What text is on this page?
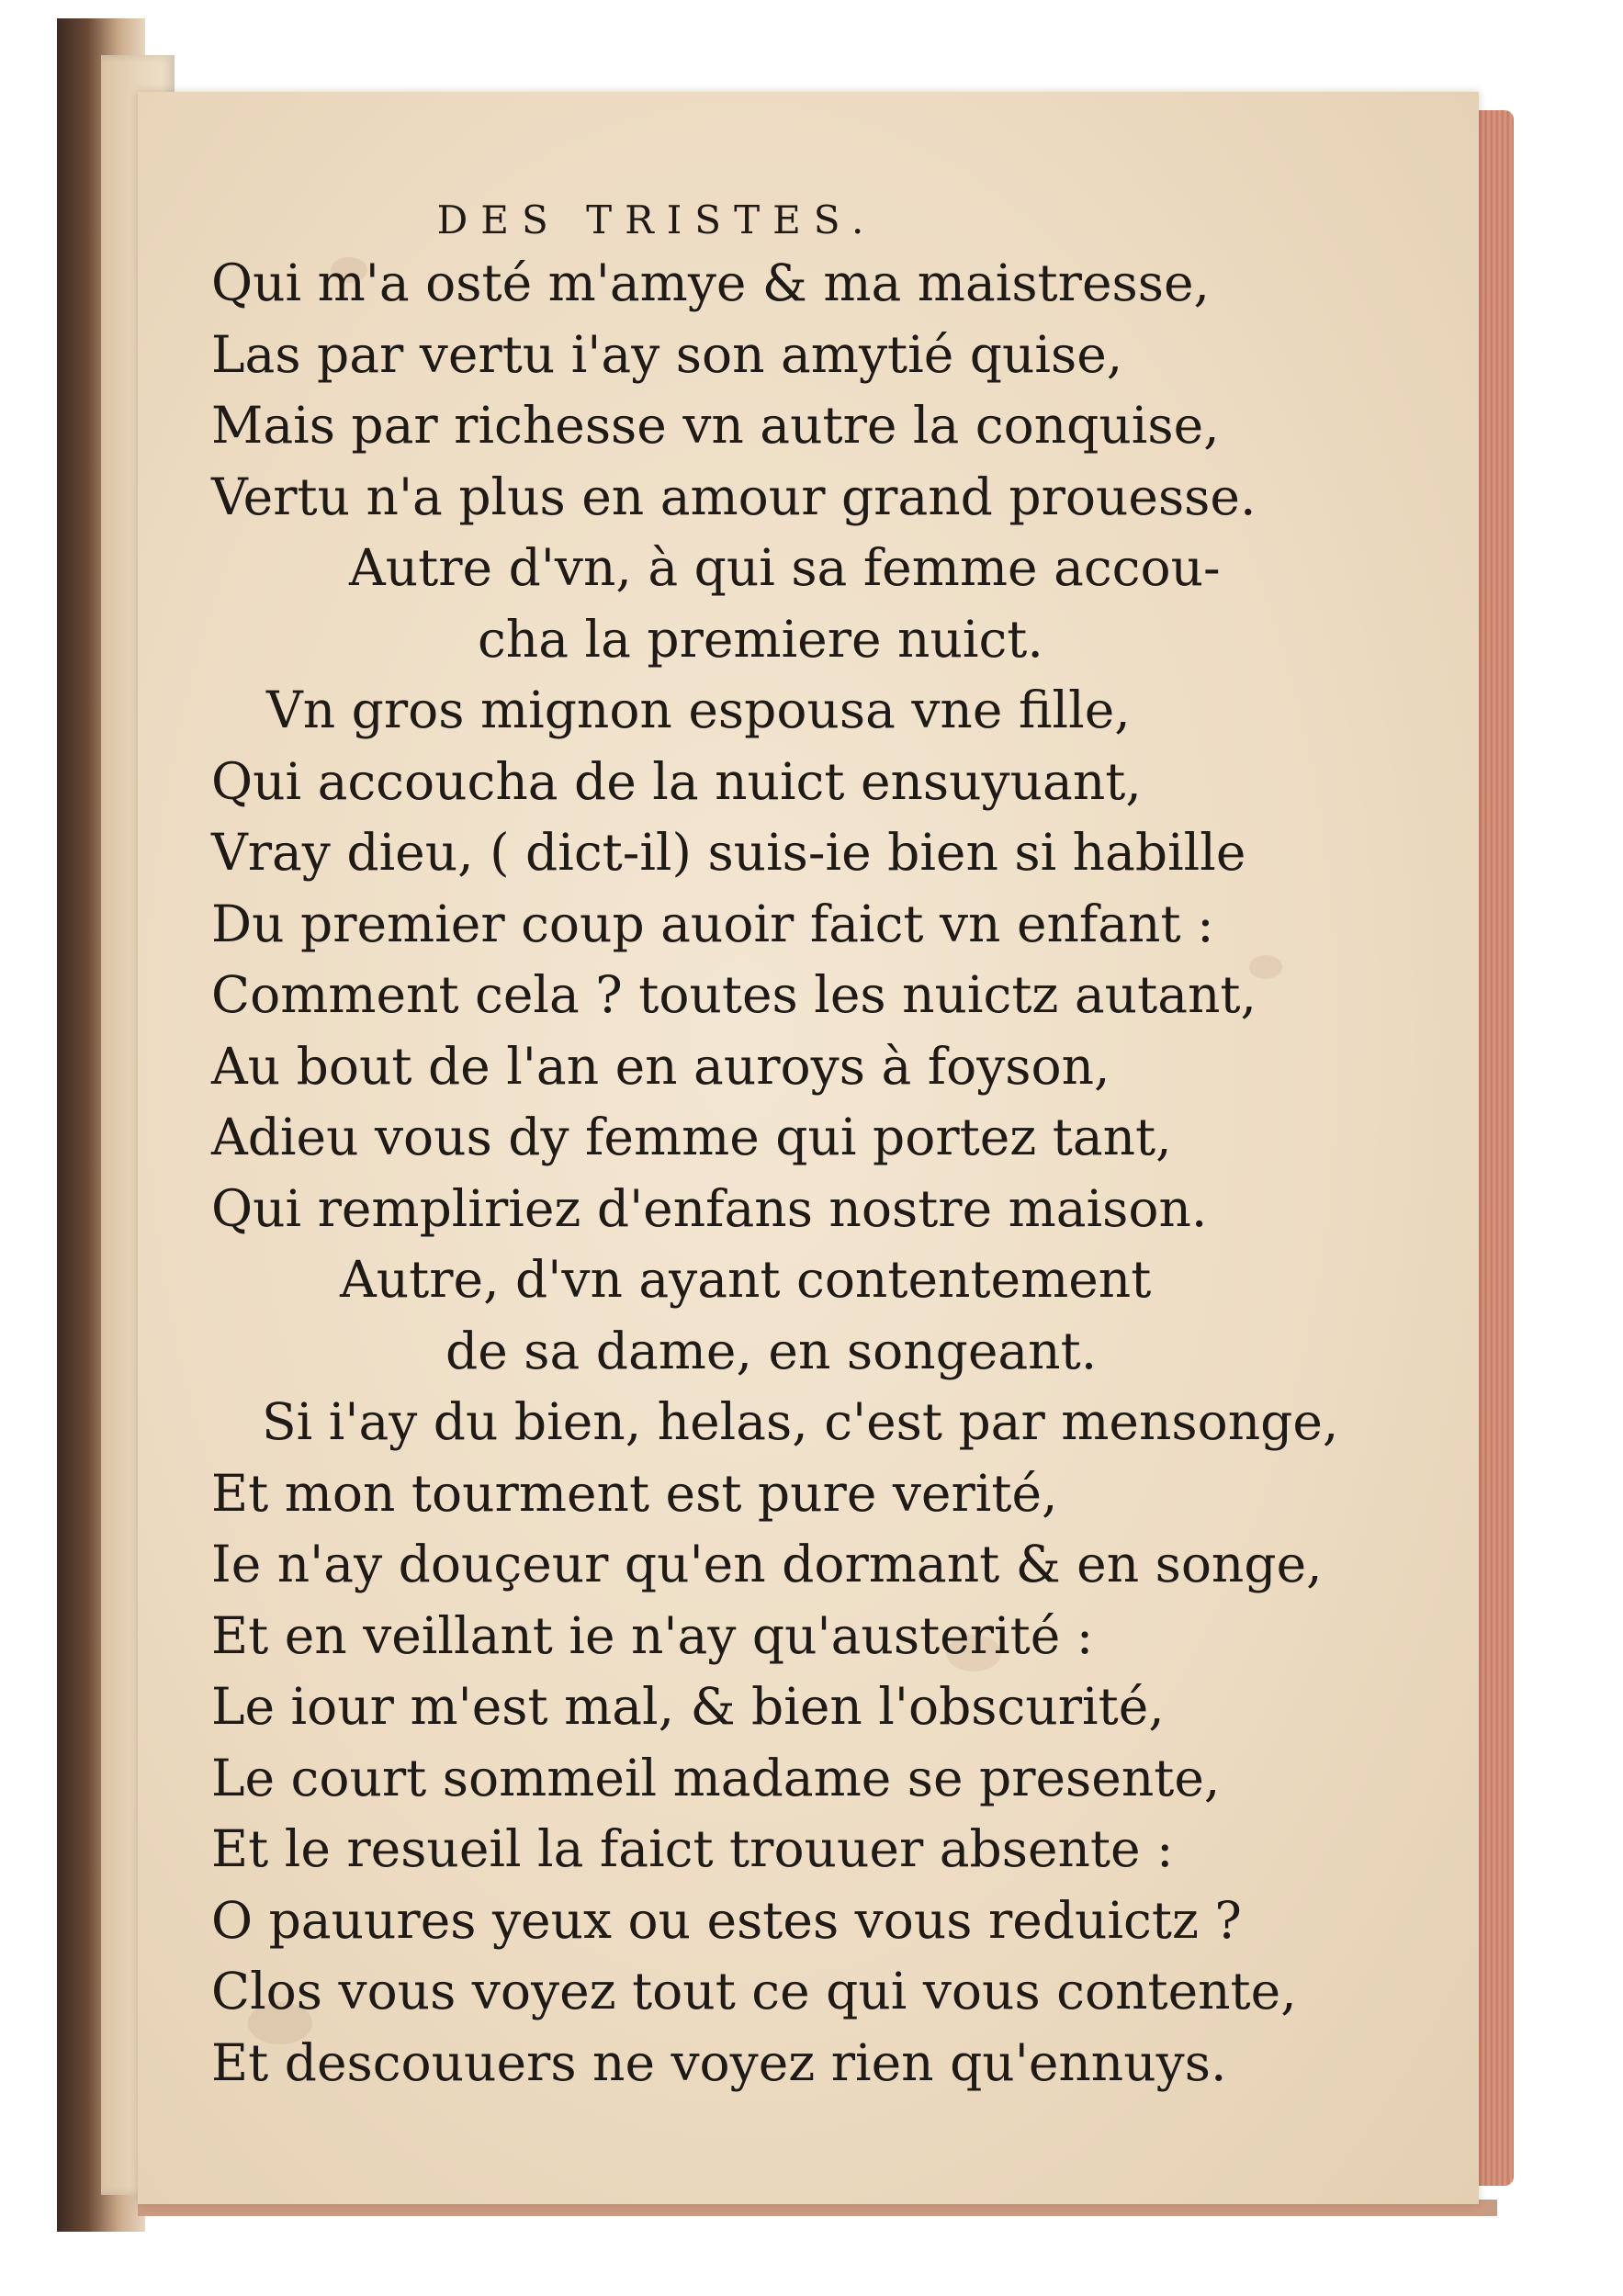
DES TRISTES.

Qui m'a osté m'amye & ma maistresse,

Las par vertu i'ay son amytié quise,

Mais par richesse vn autre la conquise,

Vertu n'a plus en amour grand prouesse.

Autre d'vn, à qui sa femme accou-

cha la premiere nuict.

Vn gros mignon espousa vne fille,

Qui accoucha de la nuict ensuyuant,

Vray dieu, ( dict-il) suis-ie bien si habille

Du premier coup auoir faict vn enfant :

Comment cela ? toutes les nuictz autant,

Au bout de l'an en auroys à foyson,

Adieu vous dy femme qui portez tant,

Qui rempliriez d'enfans nostre maison.

Autre, d'vn ayant contentement

de sa dame, en songeant.

Si i'ay du bien, helas, c'est par mensonge,

Et mon tourment est pure verité,

Ie n'ay douçeur qu'en dormant & en songe,

Et en veillant ie n'ay qu'austerité :

Le iour m'est mal, & bien l'obscurité,

Le court sommeil madame se presente,

Et le resueil la faict trouuer absente :

O pauures yeux ou estes vous reduictz ?

Clos vous voyez tout ce qui vous contente,

Et descouuers ne voyez rien qu'ennuys.
